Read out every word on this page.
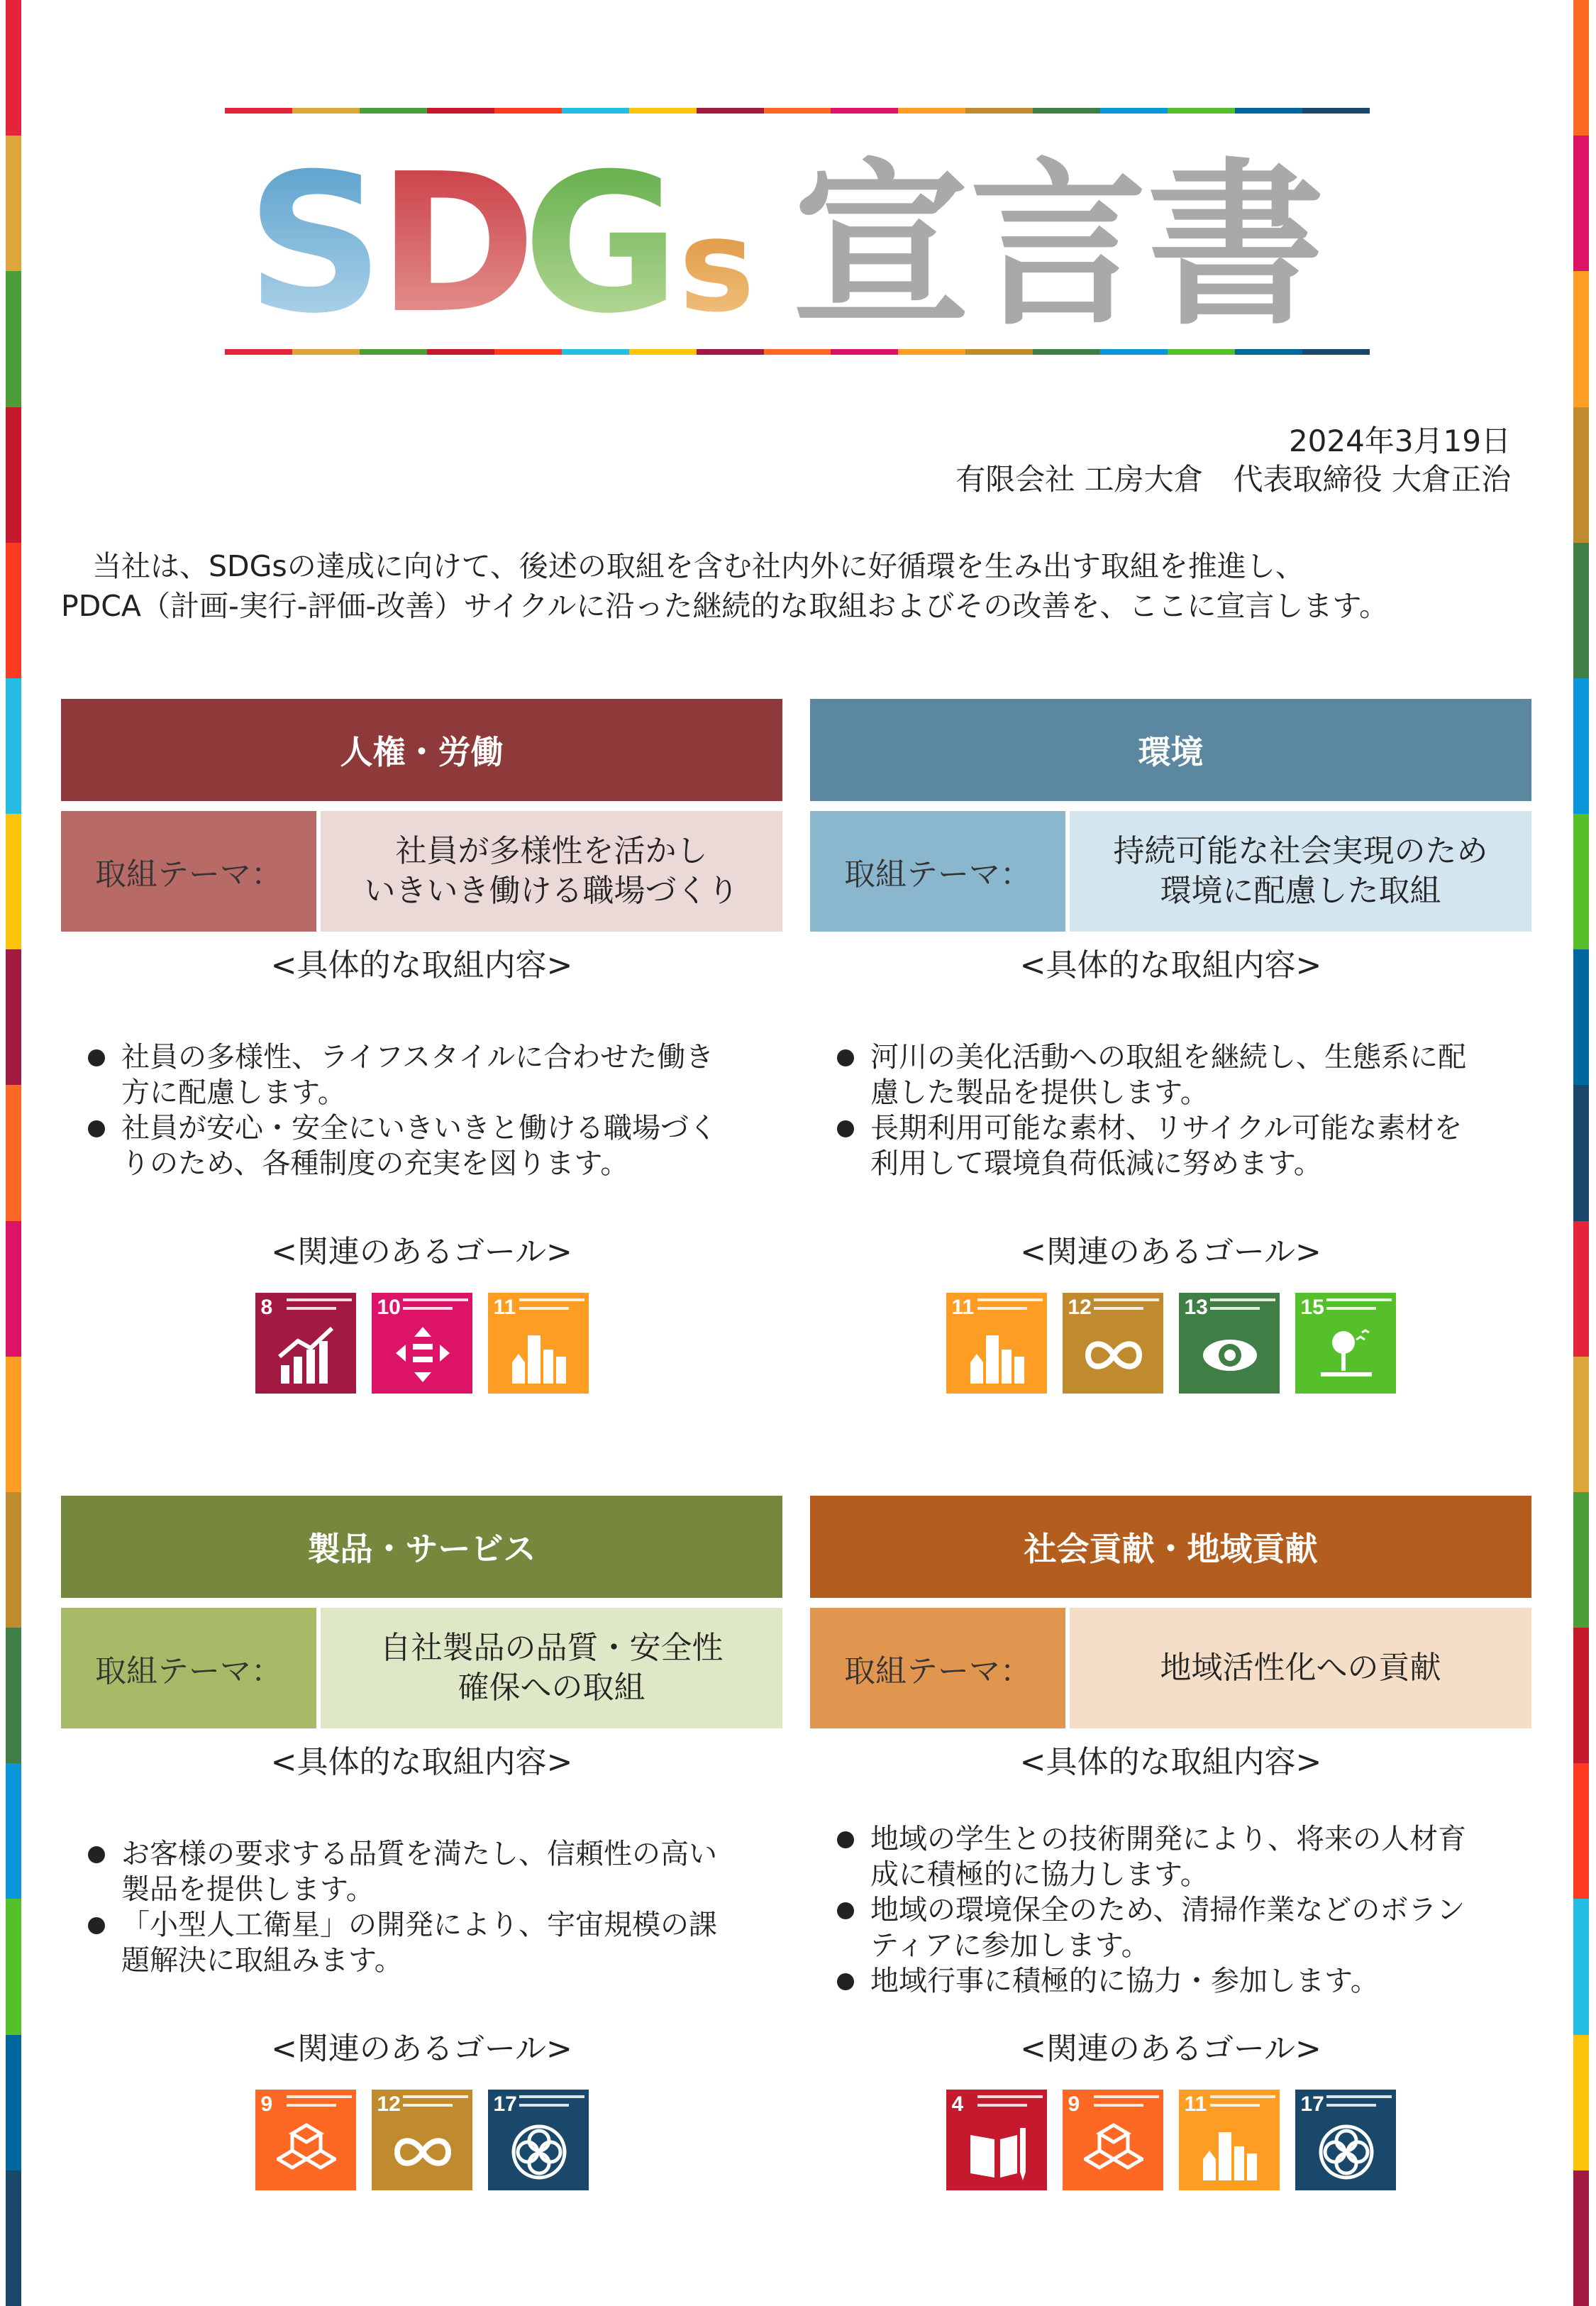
S
D
G
s 宣言書
2024年3月19日
有限会社 工房大倉　代表取締役 大倉正治

当社は、SDGsの達成に向けて、後述の取組を含む社内外に好循環を生み出す取組を推進し、

PDCA（計画-実行-評価-改善）サイクルに沿った継続的な取組およびその改善を、ここに宣言します。

人権・労働
取組テーマ：
社員が多様性を活かし
いきいき働ける職場づくり
<具体的な取組内容>
社員の多様性、ライフスタイルに合わせた働き
方に配慮します。
社員が安心・安全にいきいきと働ける職場づく
りのため、各種制度の充実を図ります。
<関連のあるゴール>
8	10	11
環境
取組テーマ：
持続可能な社会実現のため
環境に配慮した取組
<具体的な取組内容>
河川の美化活動への取組を継続し、生態系に配
慮した製品を提供します。
長期利用可能な素材、リサイクル可能な素材を
利用して環境負荷低減に努めます。
<関連のあるゴール>
11	12	13	15
製品・サービス
取組テーマ：
自社製品の品質・安全性
確保への取組
<具体的な取組内容>
お客様の要求する品質を満たし、信頼性の高い
製品を提供します。
「小型人工衛星」の開発により、宇宙規模の課
題解決に取組みます。
<関連のあるゴール>
9	12	17
社会貢献・地域貢献
取組テーマ：	地域活性化への貢献
<具体的な取組内容>
地域の学生との技術開発により、将来の人材育
成に積極的に協力します。
地域の環境保全のため、清掃作業などのボラン
ティアに参加します。
地域行事に積極的に協力・参加します。
<関連のあるゴール>
4	9	11	17
